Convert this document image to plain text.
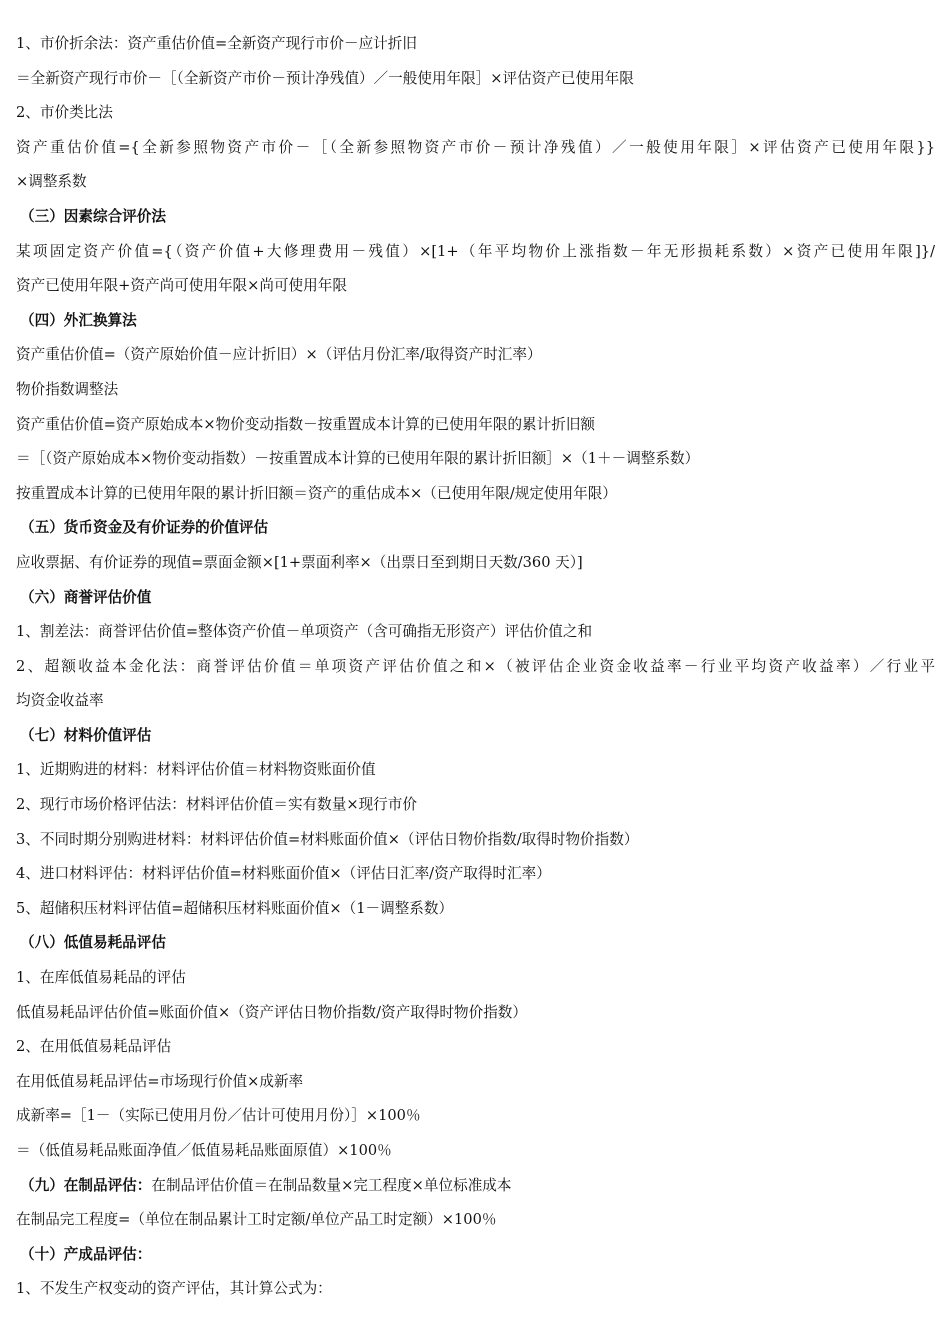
1、市价折余法：资产重估价值=全新资产现行市价－应计折旧
＝全新资产现行市价－［（全新资产市价－预计净残值）／一般使用年限］×评估资产已使用年限
2、市价类比法
资产重估价值={全新参照物资产市价－［（全新参照物资产市价－预计净残值）／一般使用年限］×评估资产已使用年限}}
×调整系数
（三）因素综合评价法
某项固定资产价值={（资产价值+大修理费用－残值）×[1+（年平均物价上涨指数－年无形损耗系数）×资产已使用年限]}/
资产已使用年限+资产尚可使用年限×尚可使用年限
（四）外汇换算法
资产重估价值=（资产原始价值－应计折旧）×（评估月份汇率/取得资产时汇率）
物价指数调整法
资产重估价值=资产原始成本×物价变动指数－按重置成本计算的已使用年限的累计折旧额
＝［（资产原始成本×物价变动指数）－按重置成本计算的已使用年限的累计折旧额］×（1＋－调整系数）
按重置成本计算的已使用年限的累计折旧额＝资产的重估成本×（已使用年限/规定使用年限）
（五）货币资金及有价证券的价值评估
应收票据、有价证券的现值=票面金额×[1+票面利率×（出票日至到期日天数/360 天）]
（六）商誉评估价值
1、割差法：商誉评估价值=整体资产价值－单项资产（含可确指无形资产）评估价值之和
2、超额收益本金化法：商誉评估价值＝单项资产评估价值之和×（被评估企业资金收益率－行业平均资产收益率）／行业平
均资金收益率
（七）材料价值评估
1、近期购进的材料：材料评估价值＝材料物资账面价值
2、现行市场价格评估法：材料评估价值＝实有数量×现行市价
3、不同时期分别购进材料：材料评估价值=材料账面价值×（评估日物价指数/取得时物价指数）
4、进口材料评估：材料评估价值=材料账面价值×（评估日汇率/资产取得时汇率）
5、超储积压材料评估值=超储积压材料账面价值×（1－调整系数）
（八）低值易耗品评估
1、在库低值易耗品的评估
低值易耗品评估价值=账面价值×（资产评估日物价指数/资产取得时物价指数）
2、在用低值易耗品评估
在用低值易耗品评估=市场现行价值×成新率
成新率=［1－（实际已使用月份／估计可使用月份）］×100％
＝（低值易耗品账面净值／低值易耗品账面原值）×100％
（九）在制品评估：在制品评估价值＝在制品数量×完工程度×单位标准成本
在制品完工程度=（单位在制品累计工时定额/单位产品工时定额）×100％
（十）产成品评估：
1、不发生产权变动的资产评估，其计算公式为：
